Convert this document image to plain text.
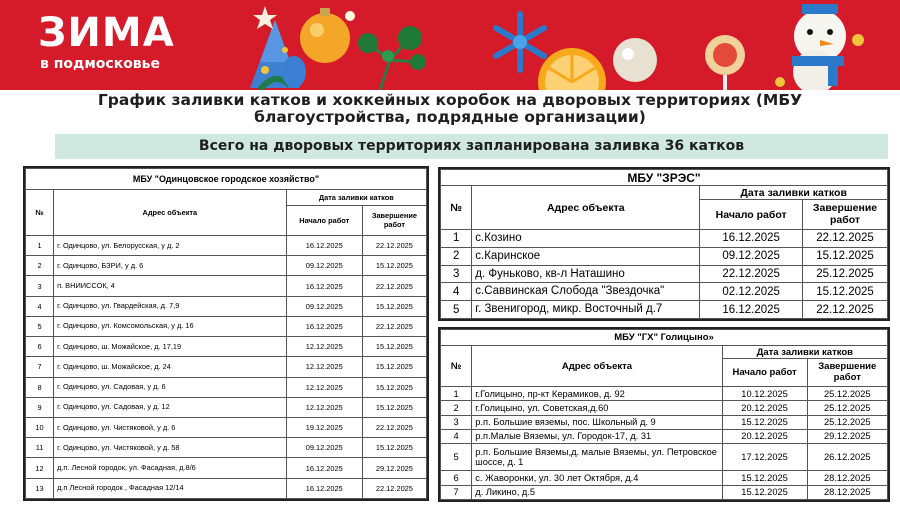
ЗИМА
в подмосковье
График заливки катков и хоккейных коробок на дворовых территориях (МБУ благоустройства, подрядные организации)
Всего на дворовых территориях запланирована заливка 36 катков
МБУ "Одинцовское городское хозяйство"			
№	Адрес объекта	Дата заливки катков	
		Начало работ	Завершение работ
1	г. Одинцово, ул. Белорусская, у д. 2	16.12.2025	22.12.2025
2	г. Одинцово, БЗРИ, у д. 6	09.12.2025	15.12.2025
3	п. ВНИИССОК, 4	16.12.2025	22.12.2025
4	г. Одинцово, ул. Гвардейская, д. 7,9	09.12.2025	15.12.2025
5	г. Одинцово, ул. Комсомольская, у д. 16	16.12.2025	22.12.2025
6	г. Одинцово, ш. Можайское, д. 17,19	12.12.2025	15.12.2025
7	г. Одинцово, ш. Можайское, д. 24	12.12.2025	15.12.2025
8	г. Одинцово, ул. Садовая, у д. 6	12.12.2025	15.12.2025
9	г. Одинцово, ул. Садовая, у д. 12	12.12.2025	15.12.2025
10	г. Одинцово, ул. Чистяковой, у д. 6	19.12.2025	22.12.2025
11	г. Одинцово, ул. Чистяковой, у д. 58	09.12.2025	15.12.2025
12	д.п. Лесной городок, ул. Фасадная, д.8/6	16.12.2025	29.12.2025
13	д.п Лесной городок , Фасадная 12/14	16.12.2025	22.12.2025
МБУ "ЗРЭС"			
№	Адрес объекта	Дата заливки катков	
		Начало работ	Завершение работ
1	с.Козино	16.12.2025	22.12.2025
2	с.Каринское	09.12.2025	15.12.2025
3	д. Фуньково, кв-л Наташино	22.12.2025	25.12.2025
4	с.Саввинская Слобода "Звездочка"	02.12.2025	15.12.2025
5	г. Звенигород, микр. Восточный д.7	16.12.2025	22.12.2025
МБУ "ГХ" Голицыно»			
№	Адрес объекта	Дата заливки катков	
		Начало работ	Завершение работ
1	г.Голицыно, пр-кт Керамиков, д. 92	10.12.2025	25.12.2025
2	г.Голицыно, ул. Советская,д.60	20.12.2025	25.12.2025
3	р.п. Большие вяземы, пос. Школьный д. 9	15.12.2025	25.12.2025
4	р.п.Малые Вяземы, ул. Городок-17, д. 31	20.12.2025	29.12.2025
5	р.п. Большие Вяземы,д. малые Вяземы, ул. Петровское шоссе, д. 1	17.12.2025	26.12.2025
6	с. Жаворонки, ул. 30 лет Октября, д.4	15.12.2025	28.12.2025
7	д. Ликино, д.5	15.12.2025	28.12.2025
